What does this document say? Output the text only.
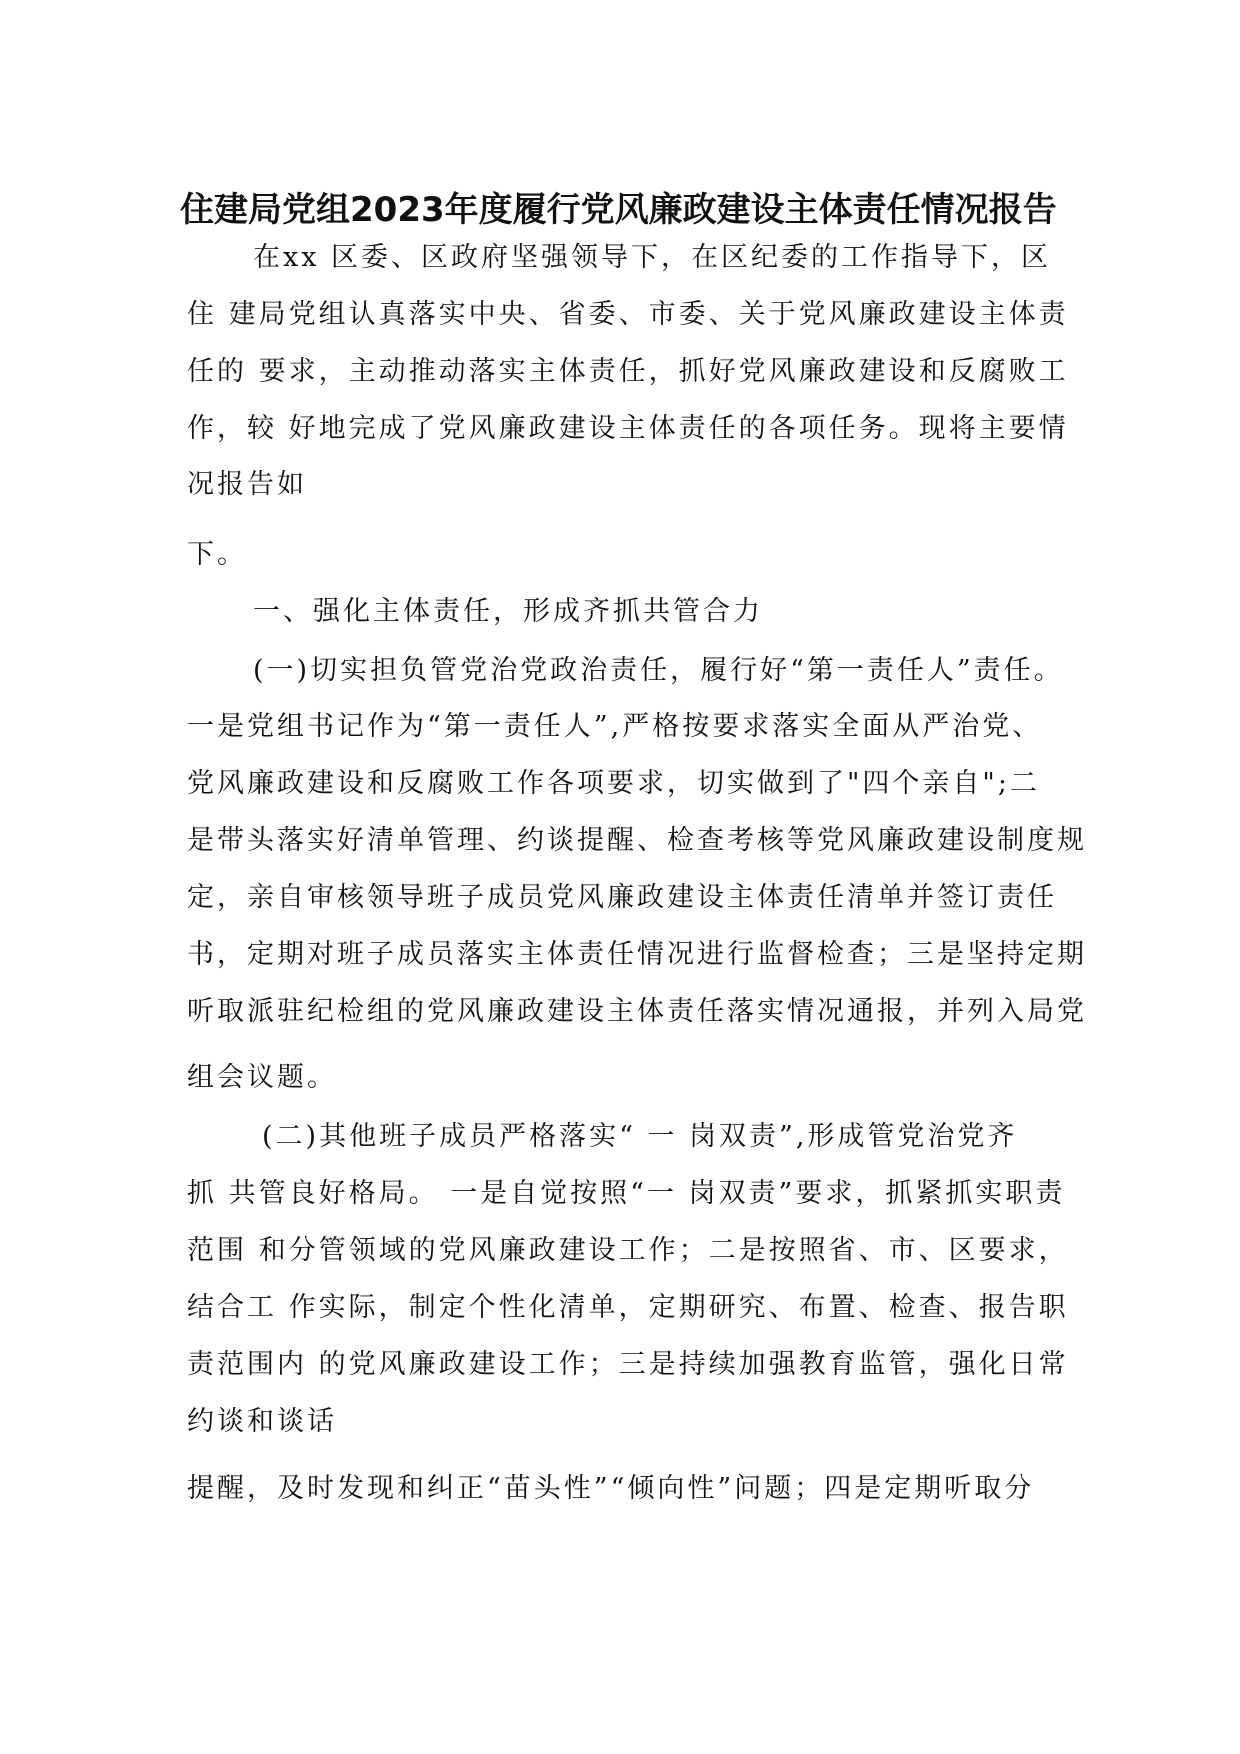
住建局党组2023年度履行党风廉政建设主体责任情况报告
在xx 区委、区政府坚强领导下，在区纪委的工作指导下，区
住 建局党组认真落实中央、省委、市委、关于党风廉政建设主体责
任的 要求，主动推动落实主体责任，抓好党风廉政建设和反腐败工
作，较 好地完成了党风廉政建设主体责任的各项任务。现将主要情
况报告如
下。
一、强化主体责任，形成齐抓共管合力
(一)切实担负管党治党政治责任，履行好“第一责任人”责任。
一是党组书记作为“第一责任人”,严格按要求落实全面从严治党、
党风廉政建设和反腐败工作各项要求，切实做到了"四个亲自";二
是带头落实好清单管理、约谈提醒、检查考核等党风廉政建设制度规
定，亲自审核领导班子成员党风廉政建设主体责任清单并签订责任
书，定期对班子成员落实主体责任情况进行监督检查；三是坚持定期
听取派驻纪检组的党风廉政建设主体责任落实情况通报，并列入局党
组会议题。
(二)其他班子成员严格落实“ 一 岗双责”,形成管党治党齐
抓 共管良好格局。 一是自觉按照“一 岗双责”要求，抓紧抓实职责
范围 和分管领域的党风廉政建设工作；二是按照省、市、区要求，
结合工 作实际，制定个性化清单，定期研究、布置、检查、报告职
责范围内 的党风廉政建设工作；三是持续加强教育监管，强化日常
约谈和谈话
提醒，及时发现和纠正“苗头性”“倾向性”问题；四是定期听取分
